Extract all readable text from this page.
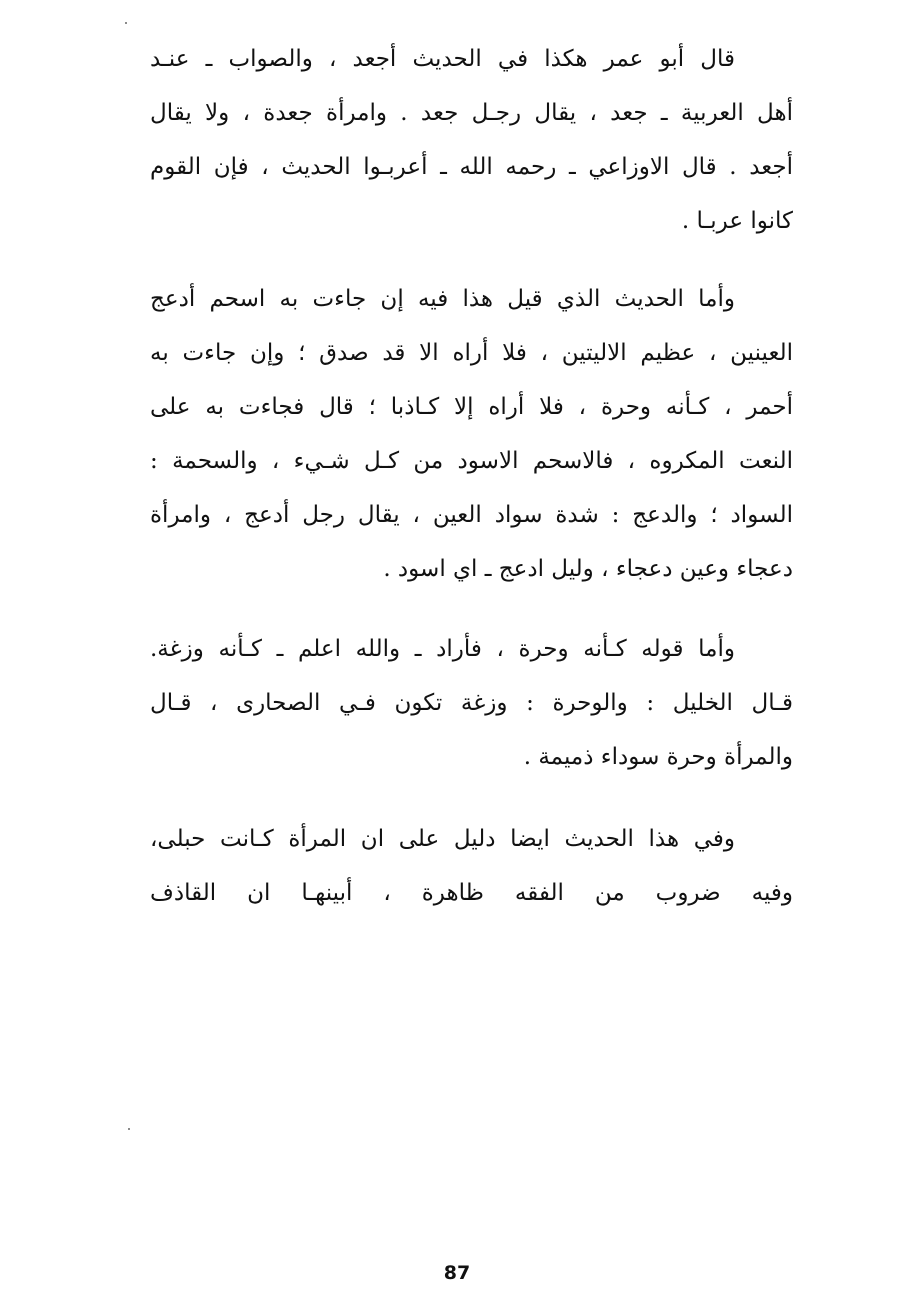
قال أبو عمر هكذا في الحديث أجعد ، والصواب ـ عنـد
أهل العربية ـ جعد ، يقال رجـل جعد . وامرأة جعدة ، ولا يقال
أجعد . قال الاوزاعي ـ رحمه الله ـ أعربـوا الحديث ، فإن القوم
كانوا عربـا .
وأما الحديث الذي قيل هذا فيه إن جاءت به اسحم أدعج
العينين ، عظيم الاليتين ، فلا أراه الا قد صدق ؛ وإن جاءت به
أحمر ، كـأنه وحرة ، فلا أراه إلا كـاذبا ؛ قال فجاءت به على
النعت المكروه ، فالاسحم الاسود من كـل شـيء ، والسحمة :
السواد ؛ والدعج : شدة سواد العين ، يقال رجل أدعج ، وامرأة
دعجاء وعين دعجاء ، وليل ادعج ـ اي اسود .
وأما قوله كـأنه وحرة ، فأراد ـ والله اعلم ـ كـأنه وزغة.
قـال الخليل : والوحرة : وزغة تكون فـي الصحارى ، قـال
والمرأة وحرة سوداء ذميمة .
وفي هذا الحديث ايضا دليل على ان المرأة كـانت حبلى،
وفيه ضروب من الفقه ظاهرة ، أبينهـا ان القاذف
87
